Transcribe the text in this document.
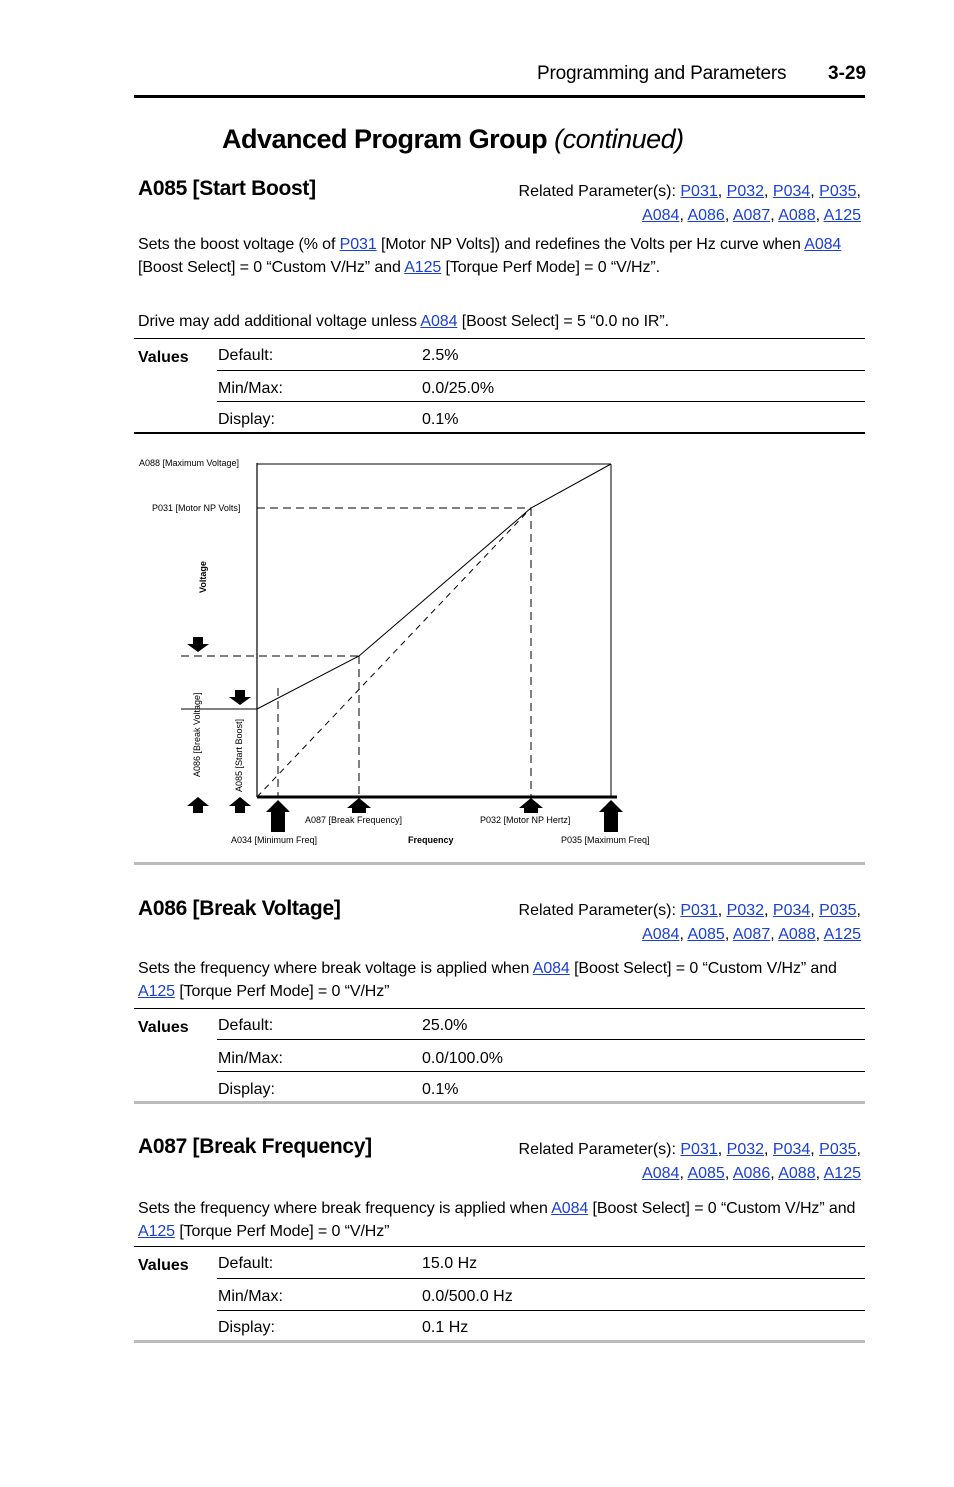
Programming and Parameters 3-29
Advanced Program Group (continued)
A085 [Start Boost]	Related Parameter(s): P031, P032, P034, P035,
A084, A086, A087, A088, A125
Sets the boost voltage (% of P031 [Motor NP Volts]) and redefines the Volts per Hz curve when A084 [Boost Select] = 0 “Custom V/Hz” and A125 [Torque Perf Mode] = 0 “V/Hz”.
Drive may add additional voltage unless A084 [Boost Select] = 5 “0.0 no IR”.
Values	Default:	2.5%
	Min/Max:	0.0/25.0%
	Display:	0.1%
A088 [Maximum Voltage]
P031 [Motor NP Volts]
Voltage
A086 [Break Voltage]	A085 [Start Boost]
A087 [Break Frequency]	P032 [Motor NP Hertz]
A034 [Minimum Freq]	Frequency	P035 [Maximum Freq]
A086 [Break Voltage]	Related Parameter(s): P031, P032, P034, P035,
A084, A085, A087, A088, A125
Sets the frequency where break voltage is applied when A084 [Boost Select] = 0 “Custom V/Hz” and A125 [Torque Perf Mode] = 0 “V/Hz”
Values	Default:	25.0%
	Min/Max:	0.0/100.0%
	Display:	0.1%
A087 [Break Frequency]	Related Parameter(s): P031, P032, P034, P035,
A084, A085, A086, A088, A125
Sets the frequency where break frequency is applied when A084 [Boost Select] = 0 “Custom V/Hz” and A125 [Torque Perf Mode] = 0 “V/Hz”
Values	Default:	15.0 Hz
	Min/Max:	0.0/500.0 Hz
	Display:	0.1 Hz
